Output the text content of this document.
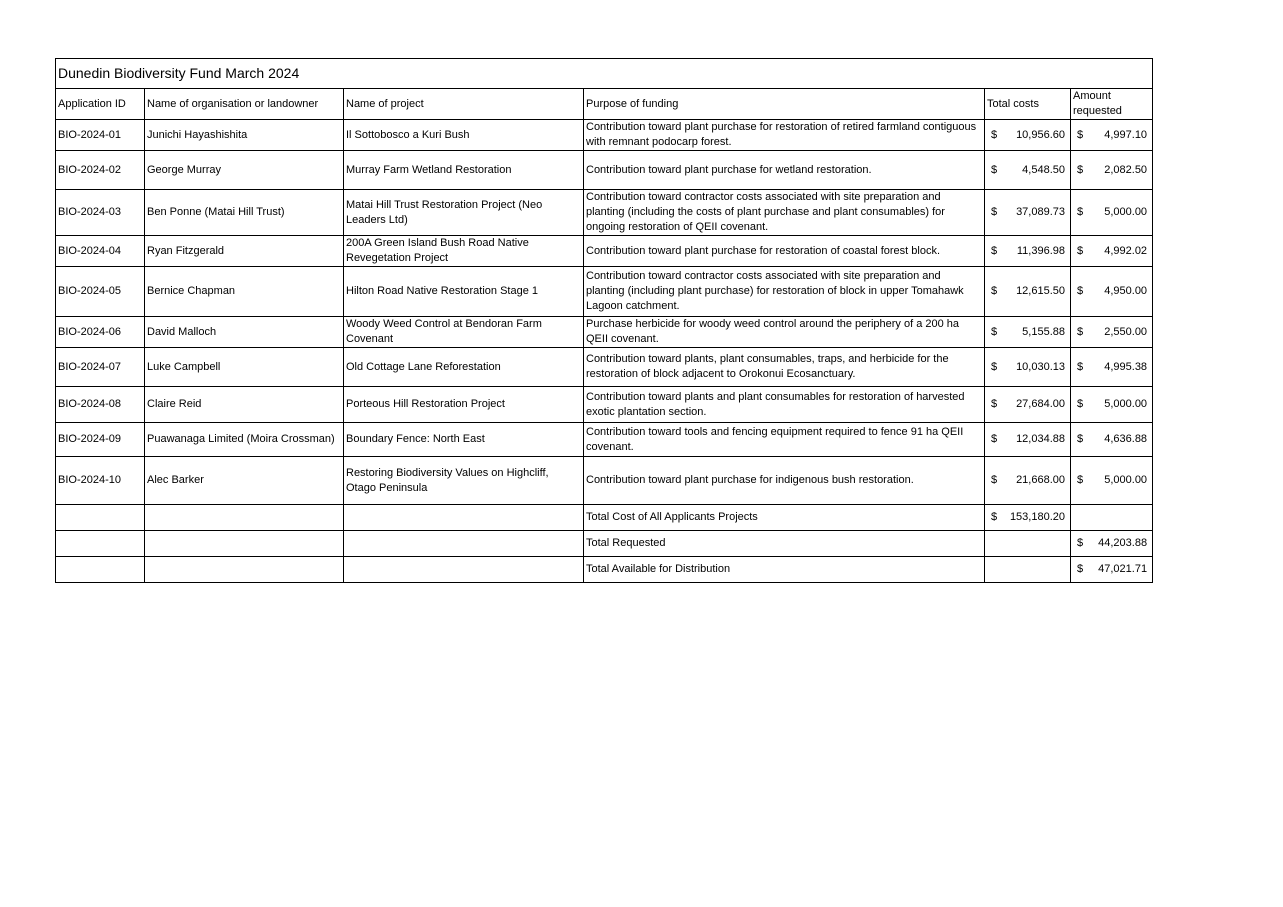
Dunedin Biodiversity Fund March 2024					
Application ID	Name of organisation or landowner	Name of project	Purpose of funding	Total costs	Amount requested
BIO-2024-01	Junichi Hayashishita	Il Sottobosco a Kuri Bush	Contribution toward plant purchase for restoration of retired farmland contiguous with remnant podocarp forest.	$ 10,956.60	$ 4,997.10

BIO-2024-02	George Murray	Murray Farm Wetland Restoration	Contribution toward plant purchase for wetland restoration.	$ 4,548.50	$ 2,082.50

BIO-2024-03	Ben Ponne (Matai Hill Trust)	Matai Hill Trust Restoration Project (Neo Leaders Ltd)	Contribution toward contractor costs associated with site preparation and planting (including the costs of plant purchase and plant consumables) for ongoing restoration of QEII covenant.	$ 37,089.73	$ 5,000.00

BIO-2024-04	Ryan Fitzgerald	200A Green Island Bush Road Native Revegetation Project	Contribution toward plant purchase for restoration of coastal forest block.	$ 11,396.98	$ 4,992.02

BIO-2024-05	Bernice Chapman	Hilton Road Native Restoration Stage 1	Contribution toward contractor costs associated with site preparation and planting (including plant purchase) for restoration of block in upper Tomahawk Lagoon catchment.	$ 12,615.50	$ 4,950.00

BIO-2024-06	David Malloch	Woody Weed Control at Bendoran Farm Covenant	Purchase herbicide for woody weed control around the periphery of a 200 ha QEII covenant.	$ 5,155.88	$ 2,550.00

BIO-2024-07	Luke Campbell	Old Cottage Lane Reforestation	Contribution toward plants, plant consumables, traps, and herbicide for the restoration of block adjacent to Orokonui Ecosanctuary.	$ 10,030.13	$ 4,995.38

BIO-2024-08	Claire Reid	Porteous Hill Restoration Project	Contribution toward plants and plant consumables for restoration of harvested exotic plantation section.	$ 27,684.00	$ 5,000.00

BIO-2024-09	Puawanaga Limited (Moira Crossman)	Boundary Fence: North East	Contribution toward tools and fencing equipment required to fence 91 ha QEII covenant.	$ 12,034.88	$ 4,636.88

BIO-2024-10	Alec Barker	Restoring Biodiversity Values on Highcliff, Otago Peninsula	Contribution toward plant purchase for indigenous bush restoration.	$ 21,668.00	$ 5,000.00

			Total Cost of All Applicants Projects	$ 153,180.20	

			Total Requested		$ 44,203.88

			Total Available for Distribution		$ 47,021.71
